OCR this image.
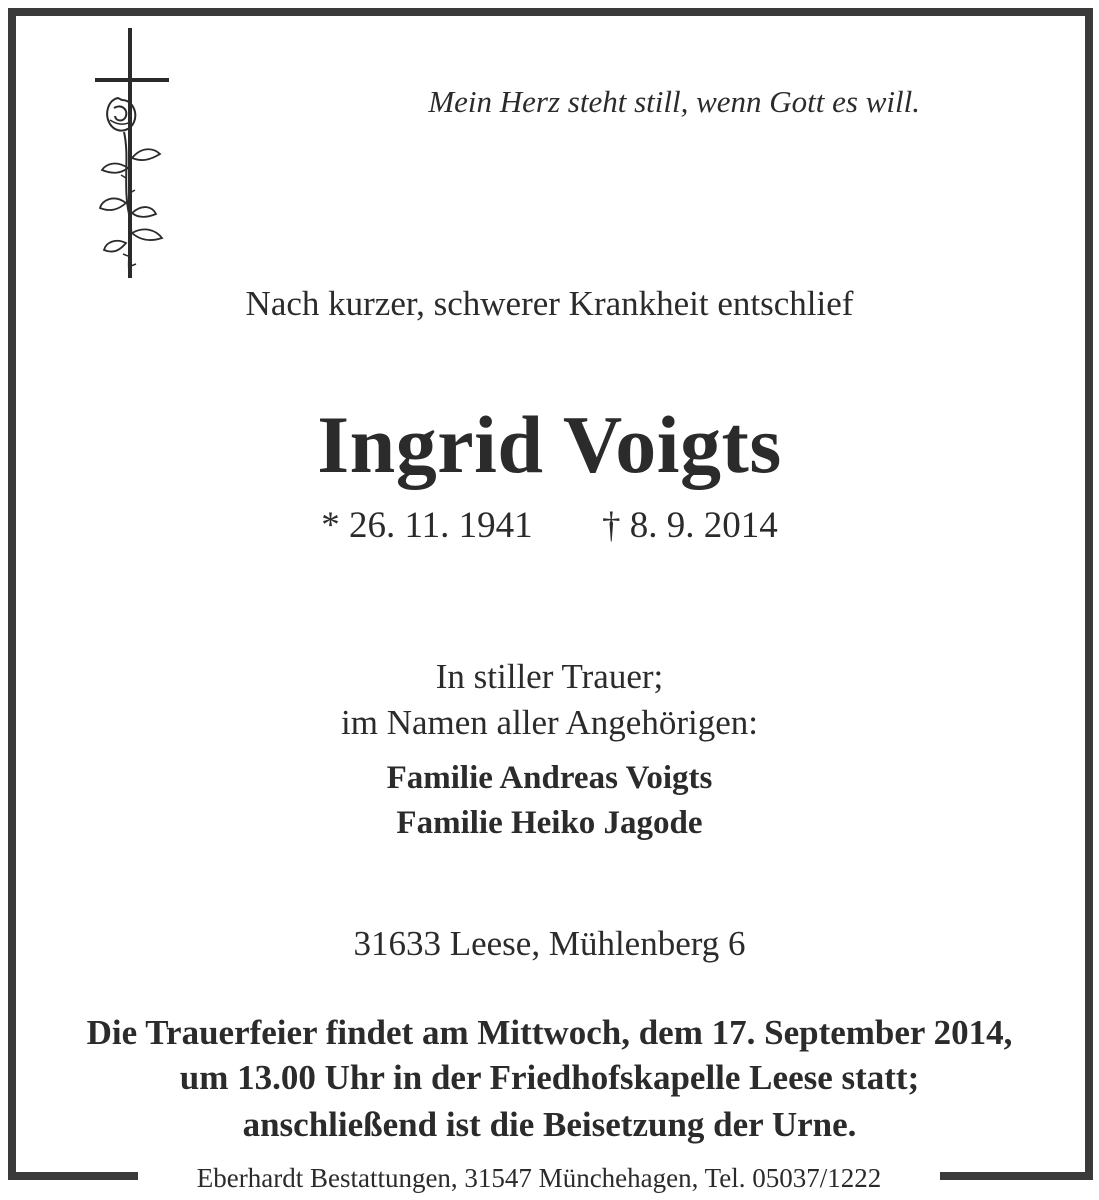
Mein Herz steht still, wenn Gott es will.
Nach kurzer, schwerer Krankheit entschlief
Ingrid Voigts
* 26. 11. 1941 † 8. 9. 2014
In stiller Trauer;
im Namen aller Angehörigen:
Familie Andreas Voigts
Familie Heiko Jagode
31633 Leese, Mühlenberg 6
Die Trauerfeier findet am Mittwoch, dem 17. September 2014,
um 13.00 Uhr in der Friedhofskapelle Leese statt;
anschließend ist die Beisetzung der Urne.
Eberhardt Bestattungen, 31547 Münchehagen, Tel. 05037/1222
